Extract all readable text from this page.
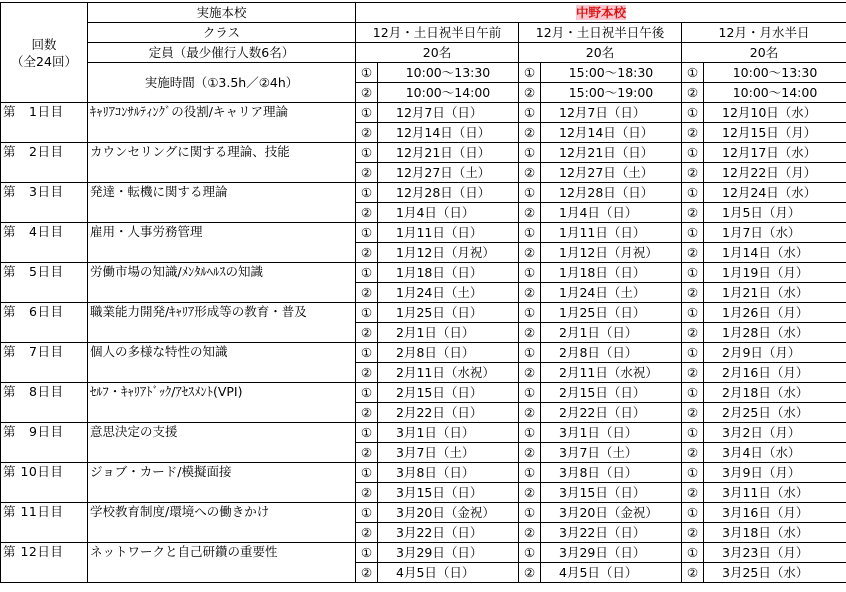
回数
（全24回）	実施本校	中野本校					
	クラス	12月・土日祝半日午前		12月・土日祝半日午後		12月・月水半日	
	定員（最少催行人数6名）	20名		20名		20名	
	実施時間（①3.5h／②4h）	①	10:00～13:30	①	15:00～18:30	①	10:00～13:30
		②	10:00～14:00	②	15:00～19:00	②	10:00～14:00
第　1日目	ｷｬﾘｱｺﾝｻﾙﾃｨﾝｸﾞの役割/キャリア理論	①	12月7日（日）	①	12月7日（日）	①	12月10日（水）
		②	12月14日（日）	②	12月14日（日）	②	12月15日（月）
第　2日目	カウンセリングに関する理論、技能	①	12月21日（日）	①	12月21日（日）	①	12月17日（水）
		②	12月27日（土）	②	12月27日（土）	②	12月22日（月）
第　3日目	発達・転機に関する理論	①	12月28日（日）	①	12月28日（日）	①	12月24日（水）
		②	1月4日（日）	②	1月4日（日）	②	1月5日（月）
第　4日目	雇用・人事労務管理	①	1月11日（日）	①	1月11日（日）	①	1月7日（水）
		②	1月12日（月祝）	②	1月12日（月祝）	②	1月14日（水）
第　5日目	労働市場の知識/ﾒﾝﾀﾙﾍﾙｽの知識	①	1月18日（日）	①	1月18日（日）	①	1月19日（月）
		②	1月24日（土）	②	1月24日（土）	②	1月21日（水）
第　6日目	職業能力開発/ｷｬﾘｱ形成等の教育・普及	①	1月25日（日）	①	1月25日（日）	①	1月26日（月）
		②	2月1日（日）	②	2月1日（日）	②	1月28日（水）
第　7日目	個人の多様な特性の知識	①	2月8日（日）	①	2月8日（日）	①	2月9日（月）
		②	2月11日（水祝）	②	2月11日（水祝）	②	2月16日（月）
第　8日目	ｾﾙﾌ・ｷｬﾘｱﾄﾞｯｸ/ｱｾｽﾒﾝﾄ(VPI)	①	2月15日（日）	①	2月15日（日）	①	2月18日（水）
		②	2月22日（日）	②	2月22日（日）	②	2月25日（水）
第　9日目	意思決定の支援	①	3月1日（日）	①	3月1日（日）	①	3月2日（月）
		②	3月7日（土）	②	3月7日（土）	②	3月4日（水）
第 10日目	ジョブ・カード/模擬面接	①	3月8日（日）	①	3月8日（日）	①	3月9日（月）
		②	3月15日（日）	②	3月15日（日）	②	3月11日（水）
第 11日目	学校教育制度/環境への働きかけ	①	3月20日（金祝）	①	3月20日（金祝）	①	3月16日（月）
		②	3月22日（日）	②	3月22日（日）	②	3月18日（水）
第 12日目	ネットワークと自己研鑽の重要性	①	3月29日（日）	①	3月29日（日）	①	3月23日（月）
		②	4月5日（日）	②	4月5日（日）	②	3月25日（水）
